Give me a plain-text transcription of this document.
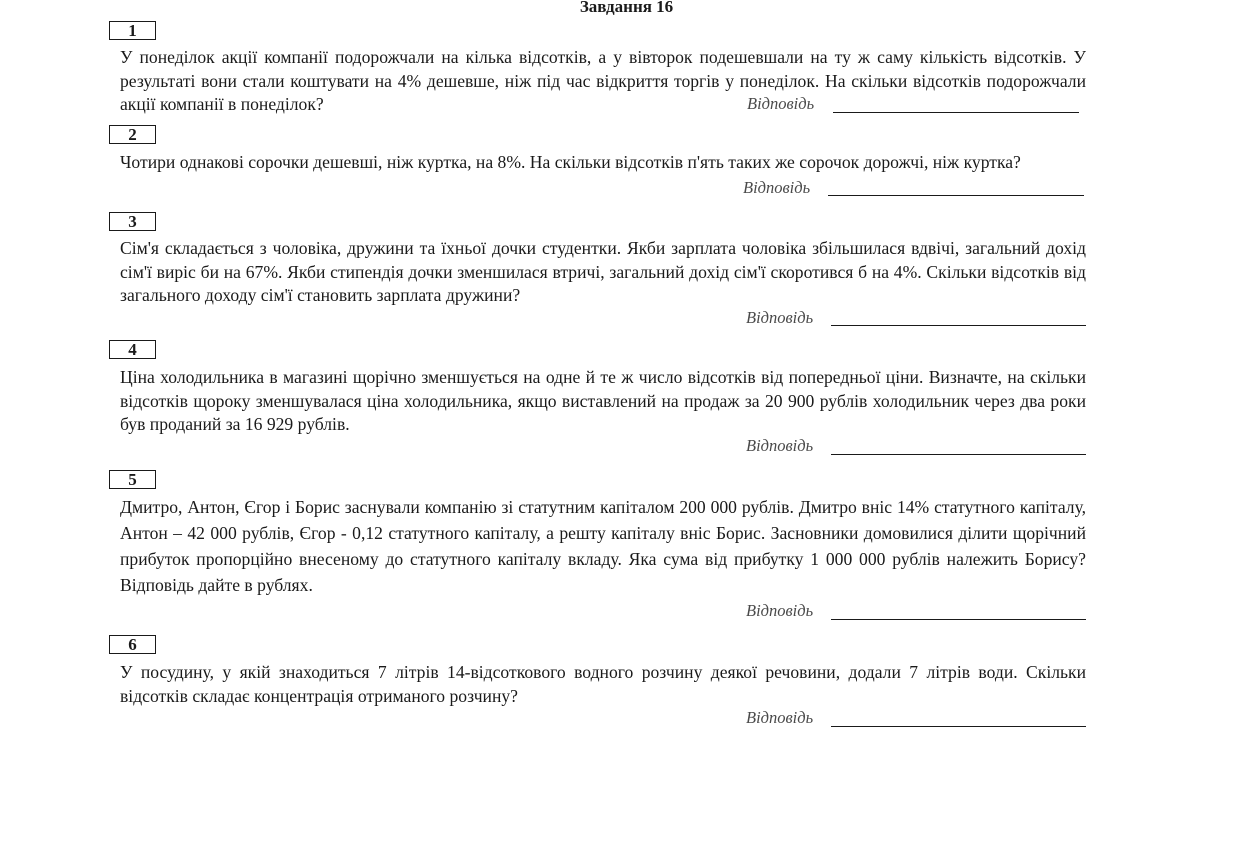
Завдання 16
1
У понеділок акції компанії подорожчали на кілька відсотків, а у вівторок подешевшали на ту ж саму кількість відсотків. У результаті вони стали коштувати на 4% дешевше, ніж під час відкриття торгів у понеділок. На скільки відсотків подорожчали акції компанії в понеділок?	Відповідь
2
Чотири однакові сорочки дешевші, ніж куртка, на 8%. На скільки відсотків п'ять таких же сорочок дорожчі, ніж куртка?
Відповідь
3
Сім'я складається з чоловіка, дружини та їхньої дочки студентки. Якби зарплата чоловіка збільшилася вдвічі, загальний дохід сім'ї виріс би на 67%. Якби стипендія дочки зменшилася втричі, загальний дохід сім'ї скоротився б на 4%. Скільки відсотків від загального доходу сім'ї становить зарплата дружини?
Відповідь
4
Ціна холодильника в магазині щорічно зменшується на одне й те ж число відсотків від попередньої ціни. Визначте, на скільки відсотків щороку зменшувалася ціна холодильника, якщо виставлений на продаж за 20 900 рублів холодильник через два роки був проданий за 16 929 рублів.
Відповідь
5
Дмитро, Антон, Єгор і Борис заснували компанію зі статутним капіталом 200 000 рублів. Дмитро вніс 14% статутного капіталу, Антон – 42 000 рублів, Єгор - 0,12 статутного капіталу, а решту капіталу вніс Борис. Засновники домовилися ділити щорічний прибуток пропорційно внесеному до статутного капіталу вкладу. Яка сума від прибутку 1 000 000 рублів належить Борису? Відповідь дайте в рублях.
Відповідь
6
У посудину, у якій знаходиться 7 літрів 14-відсоткового водного розчину деякої речовини, додали 7 літрів води. Скільки відсотків складає концентрація отриманого розчину?
Відповідь
